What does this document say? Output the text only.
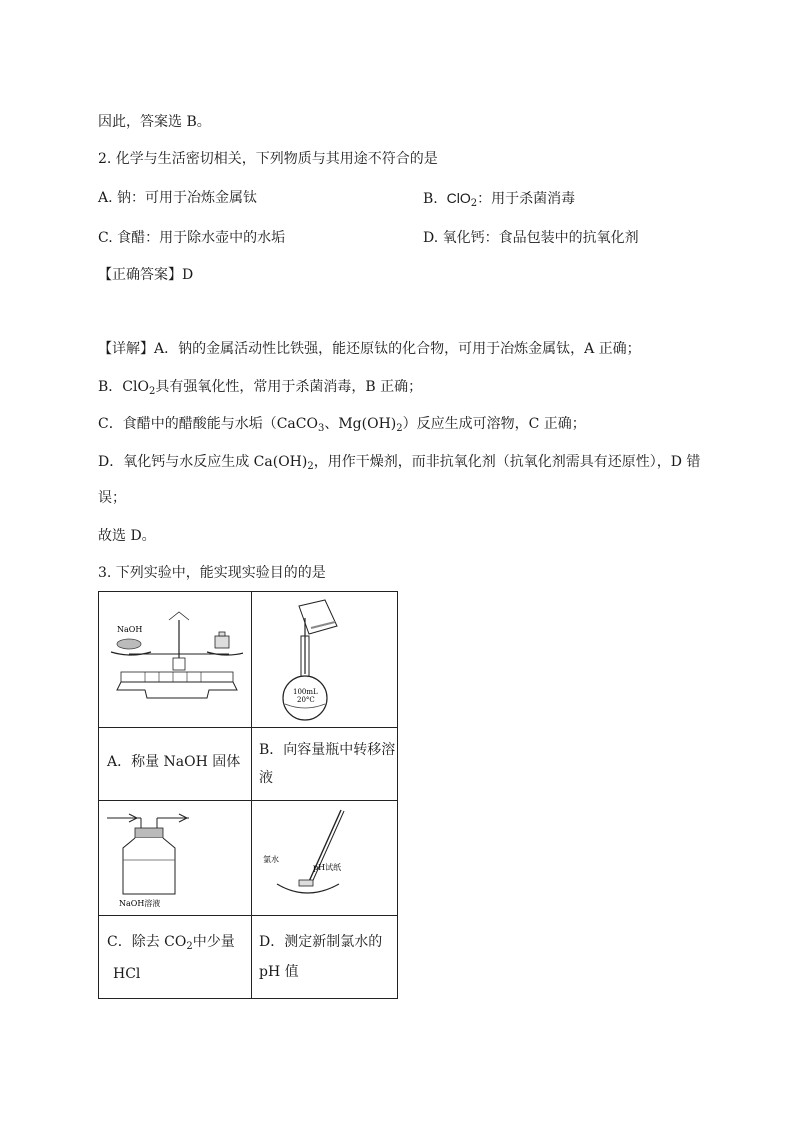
因此，答案选 B。
2. 化学与生活密切相关，下列物质与其用途不符合的是
A. 钠：可用于冶炼金属钛	B. ClO$_2$：用于杀菌消毒
C. 食醋：用于除水壶中的水垢	D. 氧化钙：食品包装中的抗氧化剂
【正确答案】D
【详解】A．钠的金属活动性比铁强，能还原钛的化合物，可用于冶炼金属钛，A 正确；
B．ClO$_2$具有强氧化性，常用于杀菌消毒，B 正确；
C．食醋中的醋酸能与水垢（CaCO$_3$、$Mg(OH)_2$）反应生成可溶物，C 正确；
D．氧化钙与水反应生成 $Ca(OH)_2$，用作干燥剂，而非抗氧化剂（抗氧化剂需具有还原性），D 错
误；
故选 D。
3. 下列实验中，能实现实验目的的是
NaOH
100mL
20°C
A．称量 NaOH 固体
B．向容量瓶中转移溶
液
NaOH溶液
氯水
pH试纸
C．除去 $CO_2$中少量
HCl
D．测定新制氯水的
pH 值
